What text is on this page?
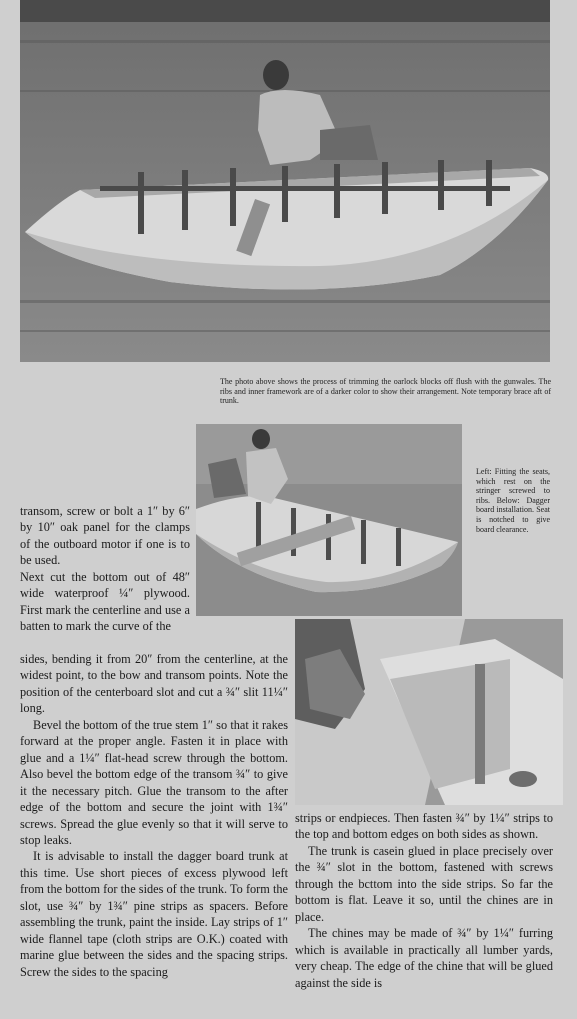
The photo above shows the process of trimming the oarlock blocks off flush with the gunwales. The ribs and inner framework are of a darker color to show their arrangement. Note temporary brace aft of trunk.
Left: Fitting the seats, which rest on the stringer screwed to ribs. Below: Dagger board installation. Seat is notched to give board clearance.

transom, screw or bolt a 1″ by 6″ by 10″ oak panel for the clamps of the outboard motor if one is to be used.

Next cut the bottom out of 48″ wide waterproof ¼″ plywood. First mark the centerline and use a batten to mark the curve of the

sides, bending it from 20″ from the centerline, at the widest point, to the bow and transom points. Note the position of the centerboard slot and cut a ¾″ slit 11¼″ long.

Bevel the bottom of the true stem 1″ so that it rakes forward at the proper angle. Fasten it in place with glue and a 1¼″ flat-head screw through the bottom. Also bevel the bottom edge of the transom ¾″ to give it the necessary pitch. Glue the transom to the after edge of the bottom and secure the joint with 1¾″ screws. Spread the glue evenly so that it will serve to stop leaks.

It is advisable to install the dagger board trunk at this time. Use short pieces of excess plywood left from the bottom for the sides of the trunk. To form the slot, use ¾″ by 1¾″ pine strips as spacers. Before assembling the trunk, paint the inside. Lay strips of 1″ wide flannel tape (cloth strips are O.K.) coated with marine glue between the sides and the spacing strips. Screw the sides to the spacing

strips or endpieces. Then fasten ¾″ by 1¼″ strips to the top and bottom edges on both sides as shown.

The trunk is casein glued in place precisely over the ¾″ slot in the bottom, fastened with screws through the bcttom into the side strips. So far the bottom is flat. Leave it so, until the chines are in place.

The chines may be made of ¾″ by 1¼″ furring which is available in practically all lumber yards, very cheap. The edge of the chine that will be glued against the side is
